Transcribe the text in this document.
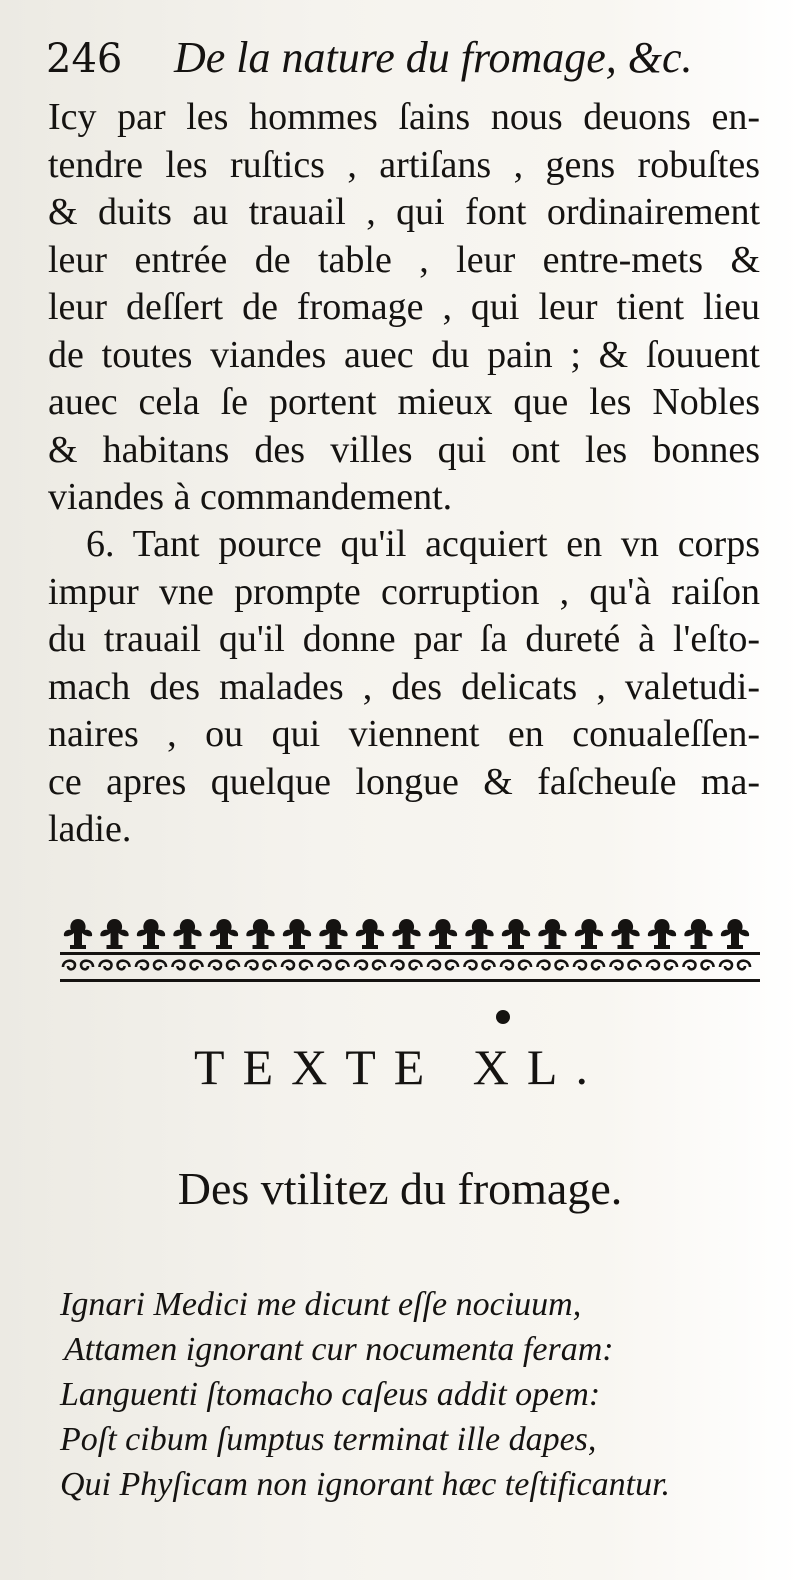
246 De la nature du fromage, &c.
Icy par les hommes ſains nous deuons en-
tendre les ruſtics , artiſans , gens robuſtes
& duits au trauail , qui font ordinairement
leur entrée de table , leur entre-mets &
leur deſſert de fromage , qui leur tient lieu
de toutes viandes auec du pain ; & ſouuent
auec cela ſe portent mieux que les Nobles
& habitans des villes qui ont les bonnes
viandes à commandement.
6. Tant pource qu'il acquiert en vn corps
impur vne prompte corruption , qu'à raiſon
du trauail qu'il donne par ſa dureté à l'eſto-
mach des malades , des delicats , valetudi-
naires , ou qui viennent en conualeſſen-
ce apres quelque longue & faſcheuſe ma-
ladie.
TEXTE XL.
Des vtilitez du fromage.
Ignari Medici me dicunt eſſe nociuum,
Attamen ignorant cur nocumenta feram:
Languenti ſtomacho caſeus addit opem:
Poſt cibum ſumptus terminat ille dapes,
Qui Phyſicam non ignorant hæc teſtificantur.
